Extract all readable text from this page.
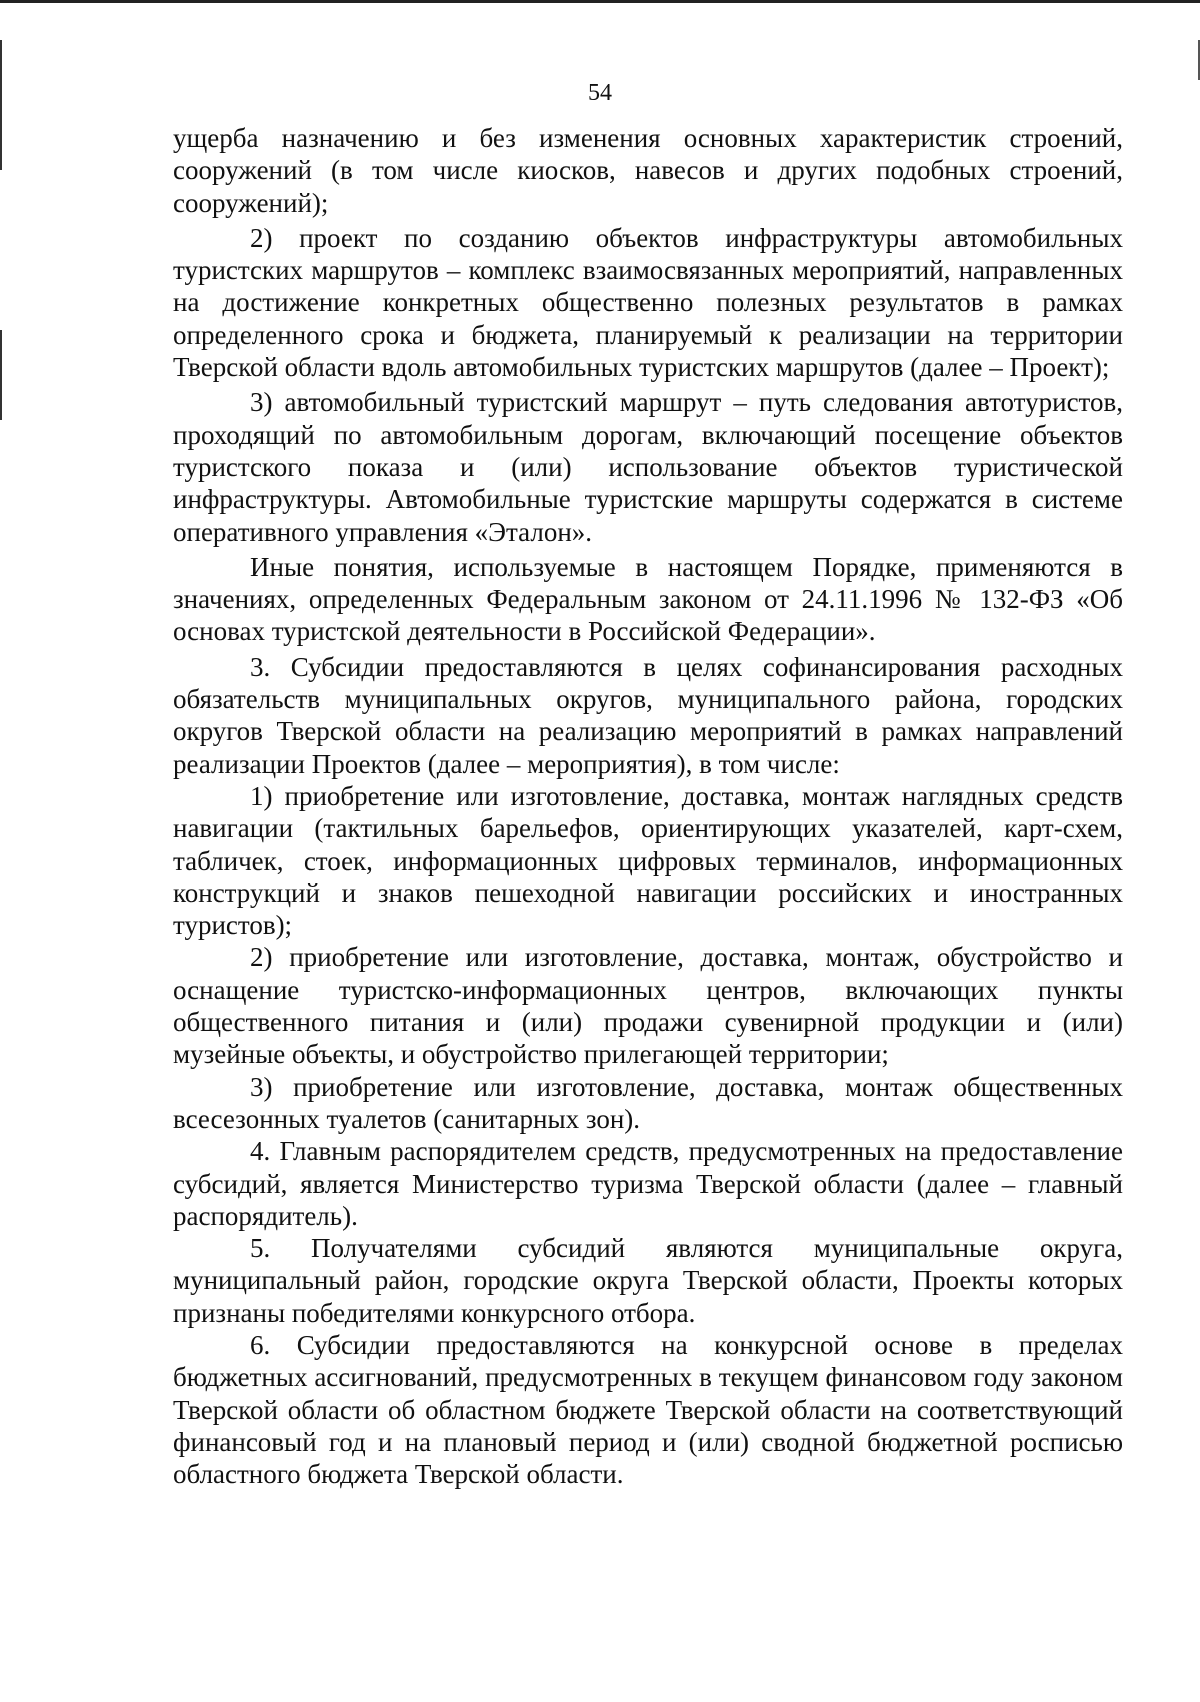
54

ущерба назначению и без изменения основных характеристик строений, сооружений (в том числе киосков, навесов и других подобных строений, сооружений);

2) проект по созданию объектов инфраструктуры автомобильных туристских маршрутов – комплекс взаимосвязанных мероприятий, направленных на достижение конкретных общественно полезных результатов в рамках определенного срока и бюджета, планируемый к реализации на территории Тверской области вдоль автомобильных туристских маршрутов (далее – Проект);

3) автомобильный туристский маршрут – путь следования автотуристов, проходящий по автомобильным дорогам, включающий посещение объектов туристского показа и (или) использование объектов туристической инфраструктуры. Автомобильные туристские маршруты содержатся в системе оперативного управления «Эталон».

Иные понятия, используемые в настоящем Порядке, применяются в значениях, определенных Федеральным законом от 24.11.1996 № 132-ФЗ «Об основах туристской деятельности в Российской Федерации».

3. Субсидии предоставляются в целях софинансирования расходных обязательств муниципальных округов, муниципального района, городских округов Тверской области на реализацию мероприятий в рамках направлений реализации Проектов (далее – мероприятия), в том числе:

1) приобретение или изготовление, доставка, монтаж наглядных средств навигации (тактильных барельефов, ориентирующих указателей, карт-схем, табличек, стоек, информационных цифровых терминалов, информационных конструкций и знаков пешеходной навигации российских и иностранных туристов);

2) приобретение или изготовление, доставка, монтаж, обустройство и оснащение туристско-информационных центров, включающих пункты общественного питания и (или) продажи сувенирной продукции и (или) музейные объекты, и обустройство прилегающей территории;

3) приобретение или изготовление, доставка, монтаж общественных всесезонных туалетов (санитарных зон).

4. Главным распорядителем средств, предусмотренных на предоставление субсидий, является Министерство туризма Тверской области (далее – главный распорядитель).

5. Получателями субсидий являются муниципальные округа, муниципальный район, городские округа Тверской области, Проекты которых признаны победителями конкурсного отбора.

6. Субсидии предоставляются на конкурсной основе в пределах бюджетных ассигнований, предусмотренных в текущем финансовом году законом Тверской области об областном бюджете Тверской области на соответствующий финансовый год и на плановый период и (или) сводной бюджетной росписью областного бюджета Тверской области.
